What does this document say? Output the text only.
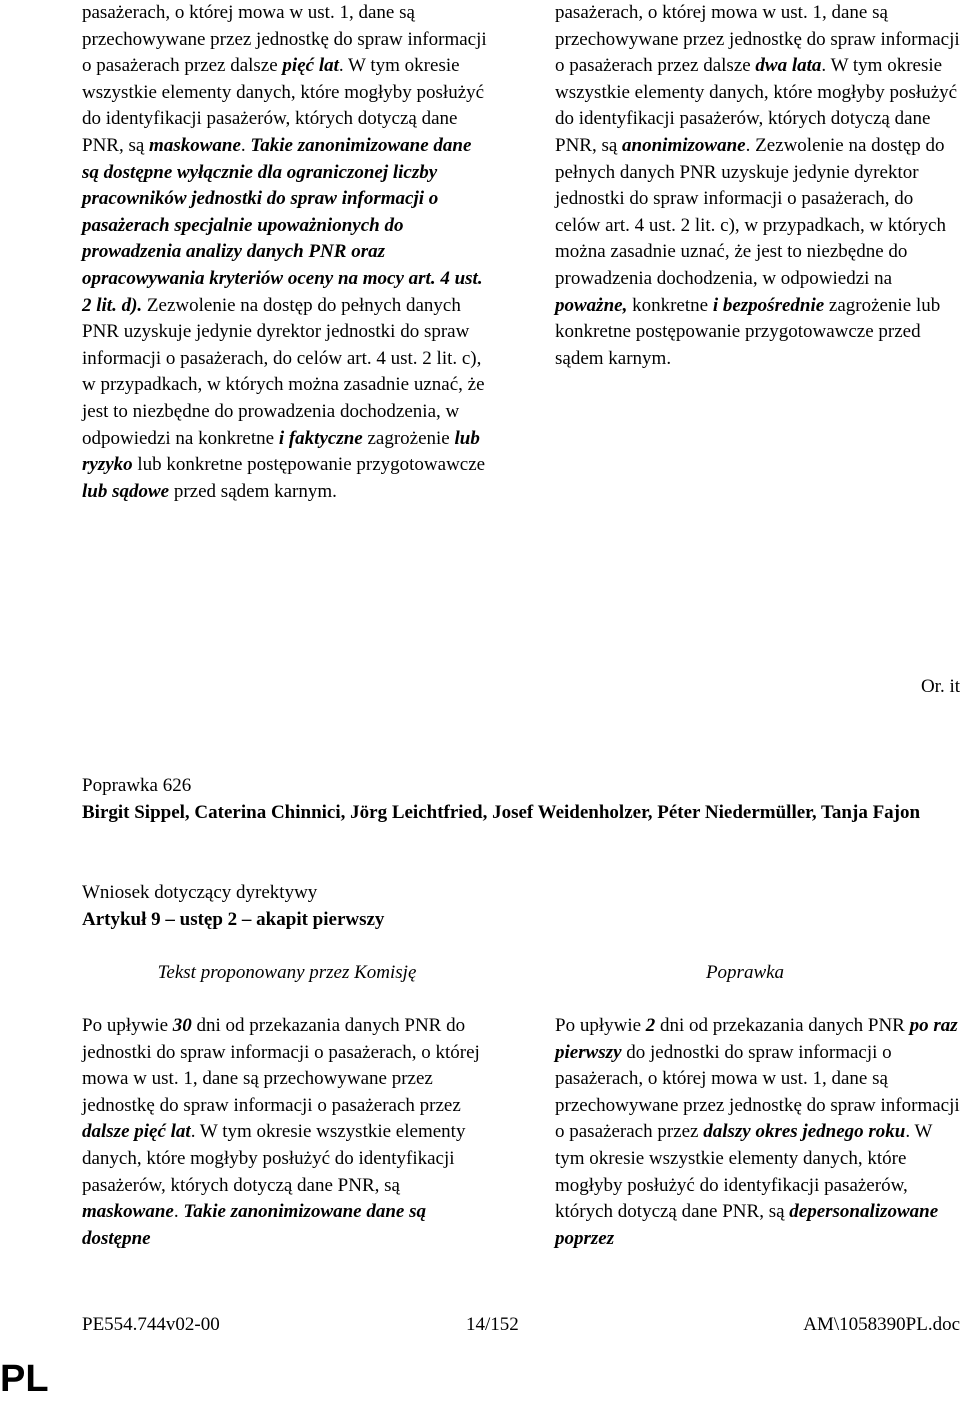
pasażerach, o której mowa w ust. 1, dane są przechowywane przez jednostkę do spraw informacji o pasażerach przez dalsze pięć lat. W tym okresie wszystkie elementy danych, które mogłyby posłużyć do identyfikacji pasażerów, których dotyczą dane PNR, są maskowane. Takie zanonimizowane dane są dostępne wyłącznie dla ograniczonej liczby pracowników jednostki do spraw informacji o pasażerach specjalnie upoważnionych do prowadzenia analizy danych PNR oraz opracowywania kryteriów oceny na mocy art. 4 ust. 2 lit. d). Zezwolenie na dostęp do pełnych danych PNR uzyskuje jedynie dyrektor jednostki do spraw informacji o pasażerach, do celów art. 4 ust. 2 lit. c), w przypadkach, w których można zasadnie uznać, że jest to niezbędne do prowadzenia dochodzenia, w odpowiedzi na konkretne i faktyczne zagrożenie lub ryzyko lub konkretne postępowanie przygotowawcze lub sądowe przed sądem karnym.

pasażerach, o której mowa w ust. 1, dane są przechowywane przez jednostkę do spraw informacji o pasażerach przez dalsze dwa lata. W tym okresie wszystkie elementy danych, które mogłyby posłużyć do identyfikacji pasażerów, których dotyczą dane PNR, są anonimizowane. Zezwolenie na dostęp do pełnych danych PNR uzyskuje jedynie dyrektor jednostki do spraw informacji o pasażerach, do celów art. 4 ust. 2 lit. c), w przypadkach, w których można zasadnie uznać, że jest to niezbędne do prowadzenia dochodzenia, w odpowiedzi na poważne, konkretne i bezpośrednie zagrożenie lub konkretne postępowanie przygotowawcze przed sądem karnym.

Or. it

Poprawka 626

Birgit Sippel, Caterina Chinnici, Jörg Leichtfried, Josef Weidenholzer, Péter Niedermüller, Tanja Fajon

Wniosek dotyczący dyrektywy

Artykuł 9 – ustęp 2 – akapit pierwszy

Tekst proponowany przez Komisję	Poprawka

Po upływie 30 dni od przekazania danych PNR do jednostki do spraw informacji o pasażerach, o której mowa w ust. 1, dane są przechowywane przez jednostkę do spraw informacji o pasażerach przez dalsze pięć lat. W tym okresie wszystkie elementy danych, które mogłyby posłużyć do identyfikacji pasażerów, których dotyczą dane PNR, są maskowane. Takie zanonimizowane dane są dostępne

Po upływie 2 dni od przekazania danych PNR po raz pierwszy do jednostki do spraw informacji o pasażerach, o której mowa w ust. 1, dane są przechowywane przez jednostkę do spraw informacji o pasażerach przez dalszy okres jednego roku. W tym okresie wszystkie elementy danych, które mogłyby posłużyć do identyfikacji pasażerów, których dotyczą dane PNR, są depersonalizowane poprzez

PE554.744v02-00	14/152	AM\1058390PL.doc
PL
